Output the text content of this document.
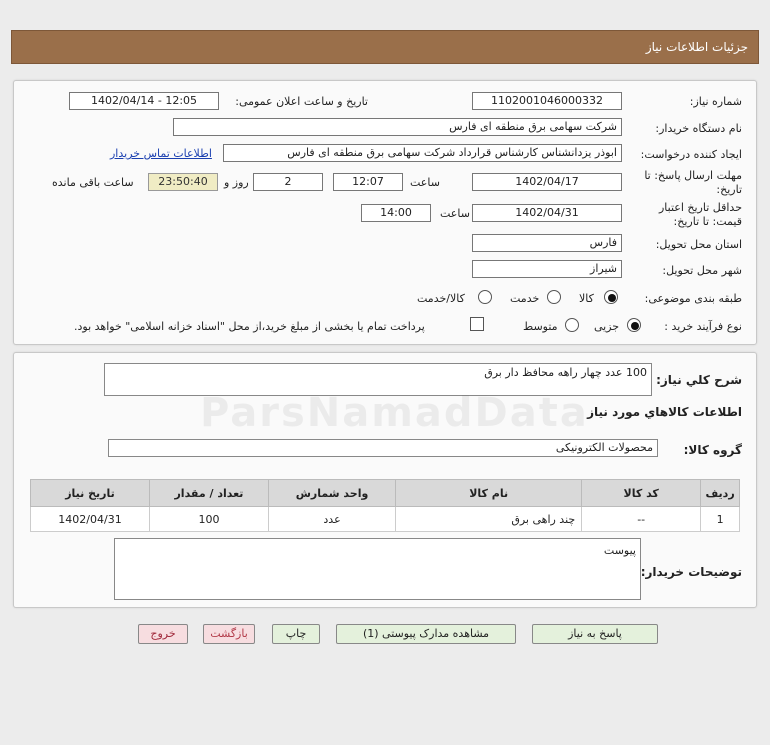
جزئیات اطلاعات نیاز
شماره نیاز:
1102001046000332
تاریخ و ساعت اعلان عمومی:
1402/04/14 - 12:05
نام دستگاه خریدار:
شرکت سهامی برق منطقه ای فارس
ایجاد کننده درخواست:
ابوذر یزدانشناس کارشناس قرارداد شرکت سهامی برق منطقه ای فارس
اطلاعات تماس خریدار
مهلت ارسال پاسخ: تا
تاریخ:
1402/04/17
ساعت
12:07
2
روز و
23:50:40
ساعت باقی مانده
حداقل تاریخ اعتبار
قیمت: تا تاریخ:
1402/04/31
ساعت
14:00
استان محل تحویل:
فارس
شهر محل تحویل:
شیراز
طبقه بندی موضوعی:
کالا
خدمت
کالا/خدمت
نوع فرآیند خرید :
جزیی
متوسط
پرداخت تمام یا بخشی از مبلغ خرید،از محل "اسناد خزانه اسلامی" خواهد بود.
شرح کلي نياز:
100 عدد چهار راهه محافظ دار برق
اطلاعات کالاهاي مورد نياز
گروه کالا:
محصولات الکترونیکی
ParsNamadData
ردیف	کد کالا	نام کالا	واحد شمارش	تعداد / مقدار	تاریخ نیاز
1	--	چند راهی برق	عدد	100	1402/04/31
توضیحات خریدار:
پیوست
پاسخ به نیاز
مشاهده مدارک پیوستی (1)
چاپ
بازگشت
خروج
